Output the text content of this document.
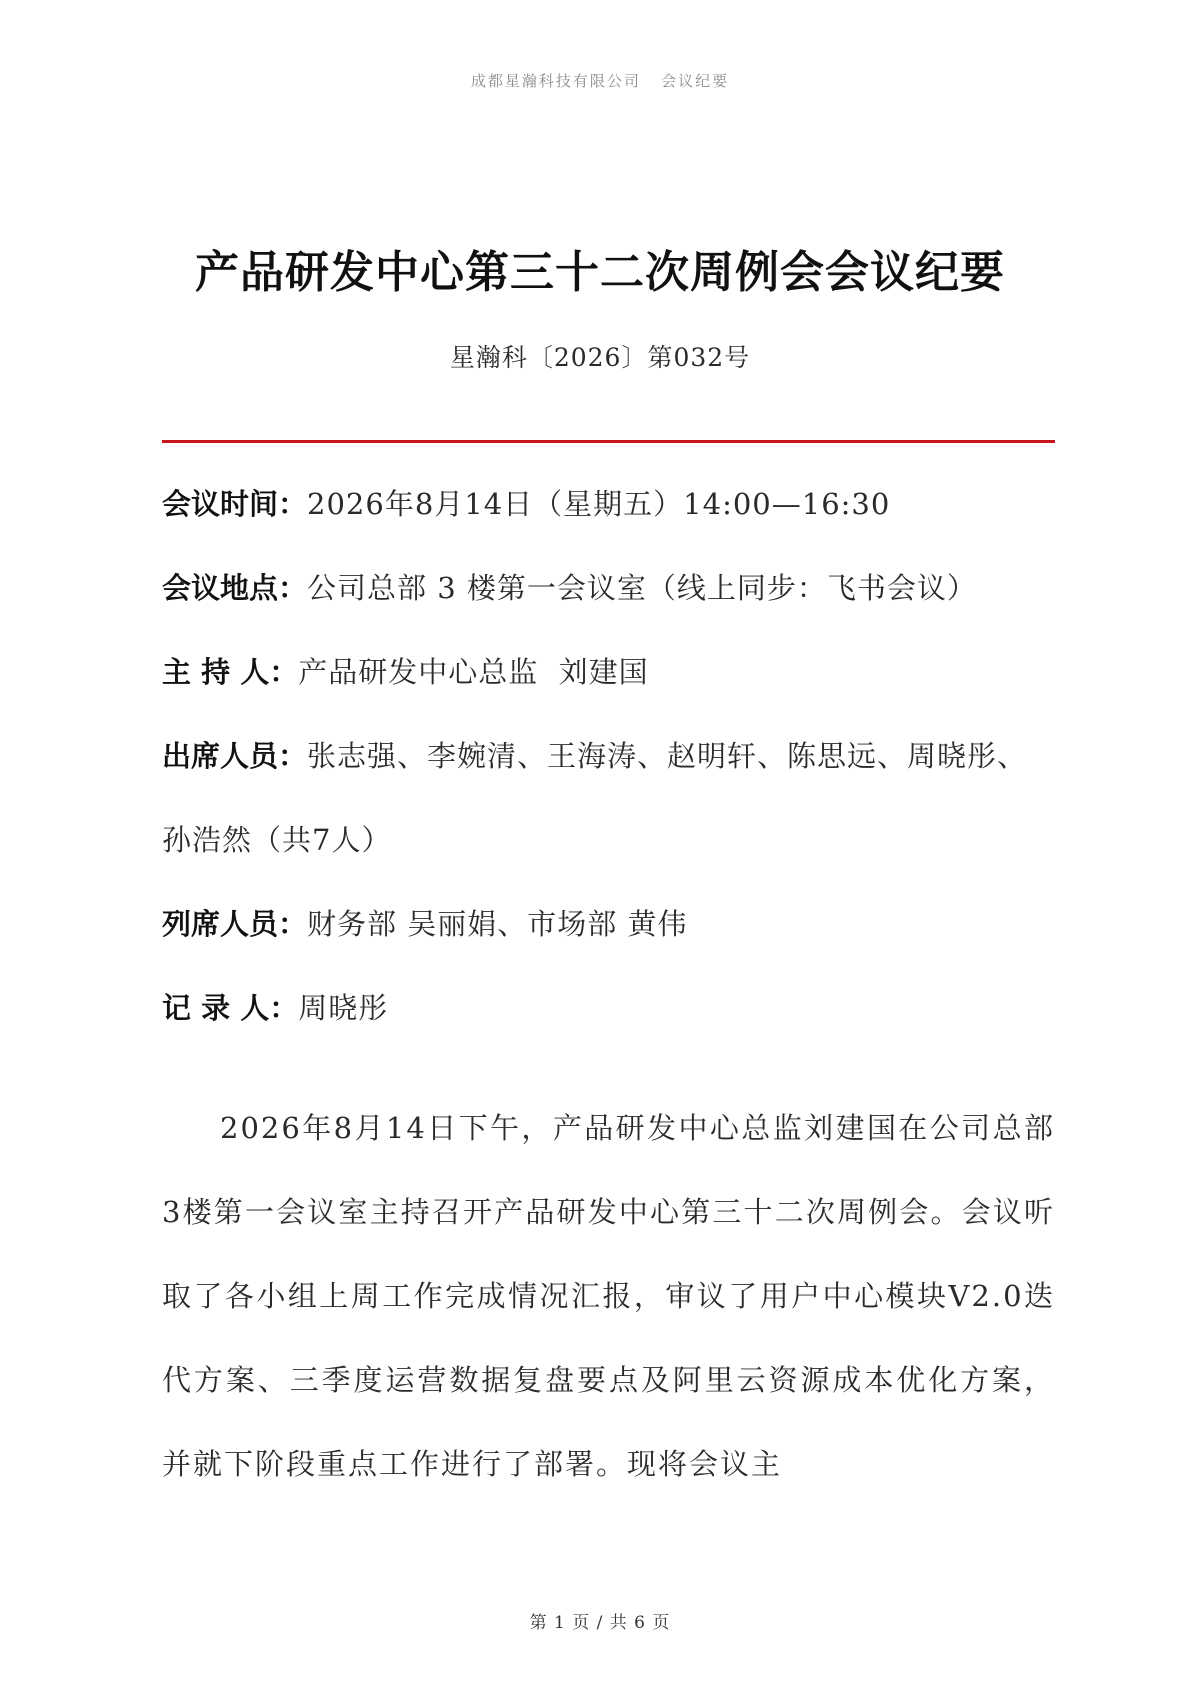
成都星瀚科技有限公司 会议纪要
产品研发中心第三十二次周例会会议纪要
星瀚科〔2026〕第032号
会议时间：2026年8月14日（星期五）14:00—16:30
会议地点：公司总部 3 楼第一会议室（线上同步：飞书会议）
主 持 人：产品研发中心总监  刘建国
出席人员：张志强、李婉清、王海涛、赵明轩、陈思远、周晓彤、孙浩然（共7人）
列席人员：财务部 吴丽娟、市场部 黄伟
记 录 人：周晓彤
2026年8月14日下午，产品研发中心总监刘建国在公司总部3楼第一会议室主持召开产品研发中心第三十二次周例会。会议听取了各小组上周工作完成情况汇报，审议了用户中心模块V2.0迭代方案、三季度运营数据复盘要点及阿里云资源成本优化方案，并就下阶段重点工作进行了部署。现将会议主
第 1 页 / 共 6 页
